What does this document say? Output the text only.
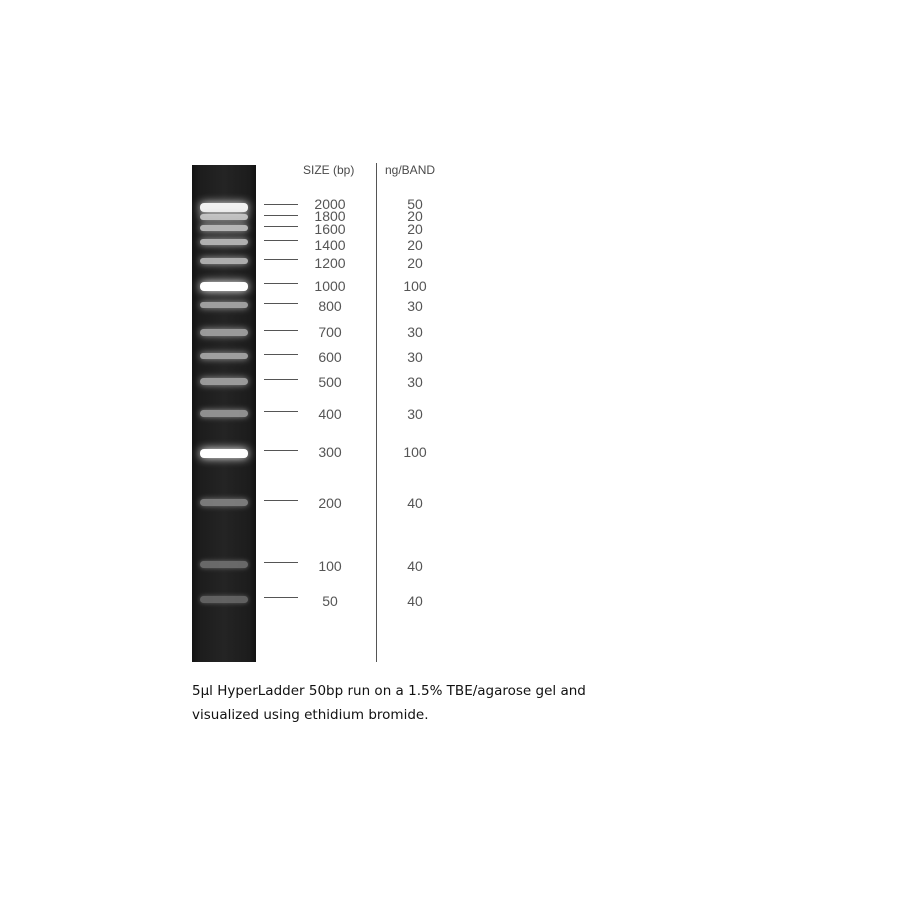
SIZE (bp)	ng/BAND
2000	50
1800	20
1600	20
1400	20
1200	20
1000	100
800	30
700	30
600	30
500	30
400	30
300	100
200	40
100	40
50	40
5µl HyperLadder 50bp run on a 1.5% TBE/agarose gel and
visualized using ethidium bromide.
